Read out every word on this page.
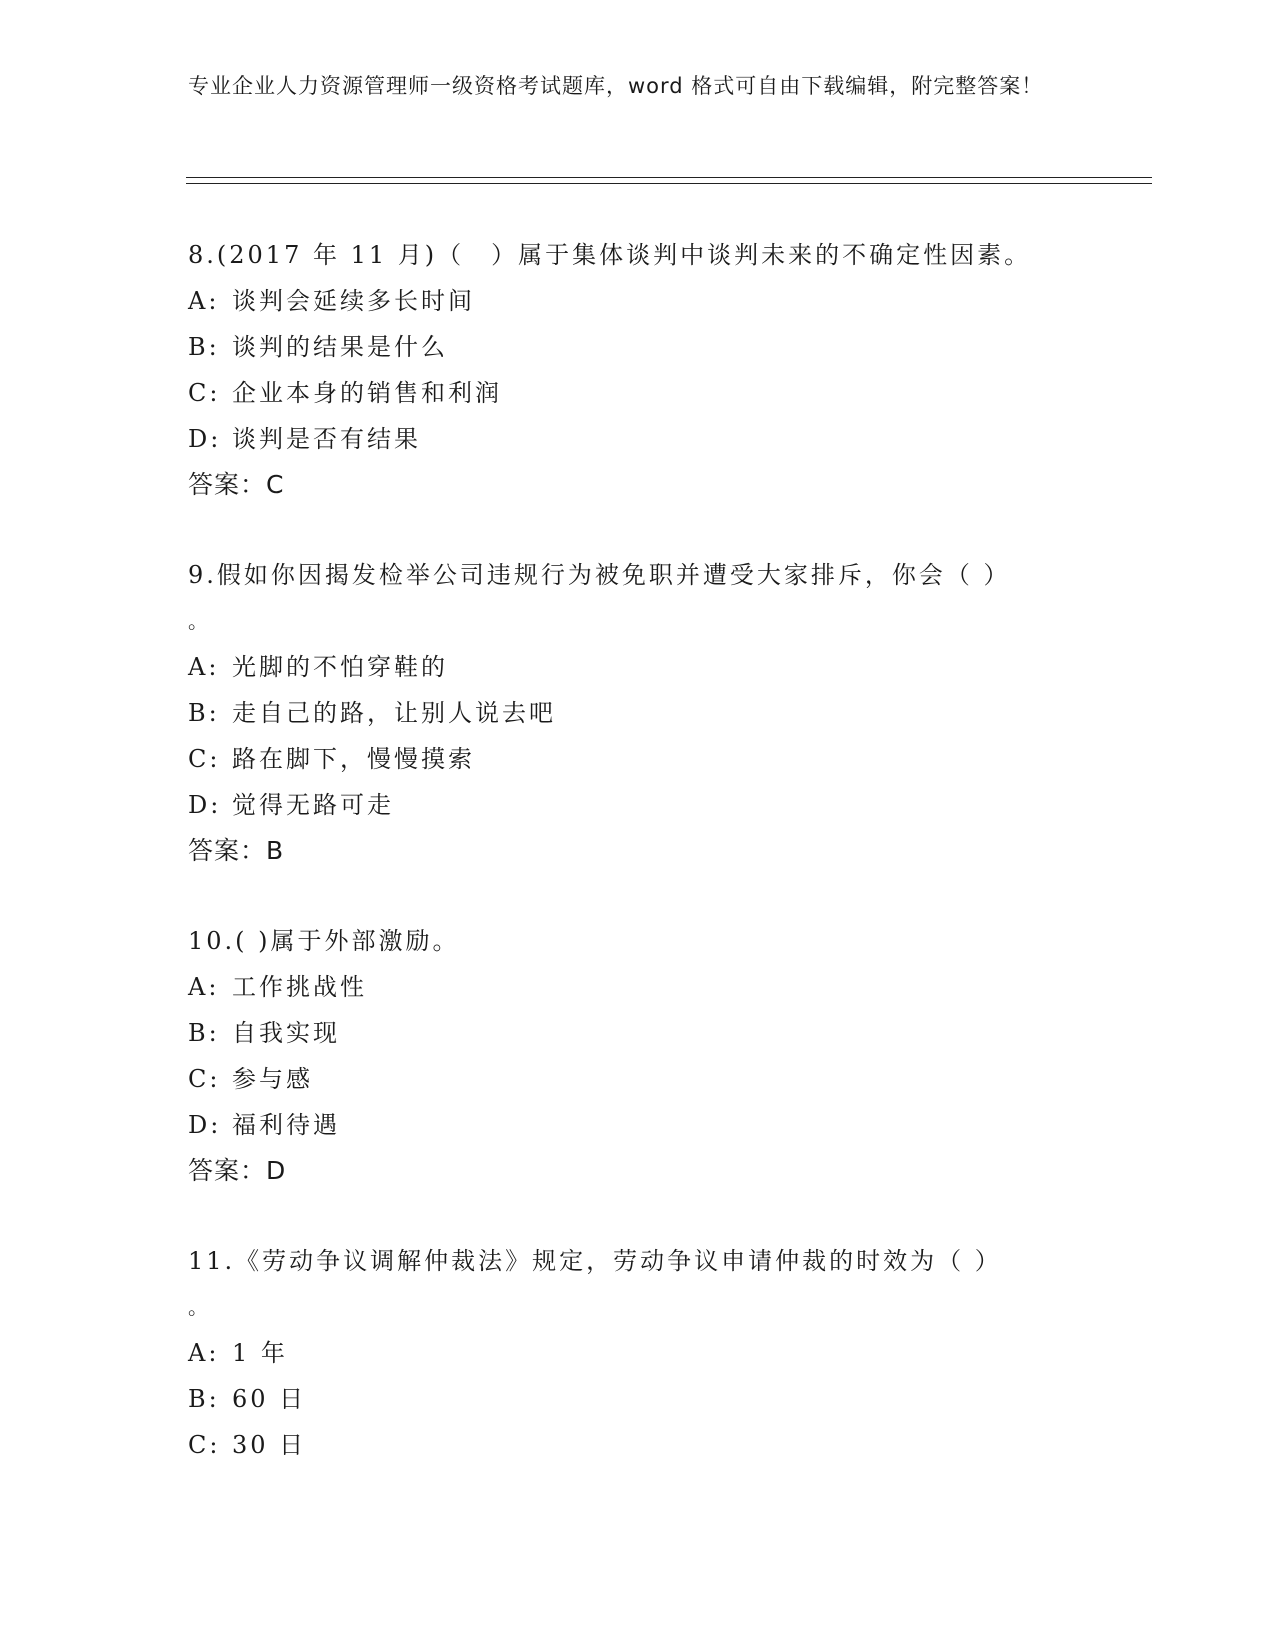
专业企业人力资源管理师一级资格考试题库，word 格式可自由下载编辑，附完整答案！
8.(2017 年 11 月)（　）属于集体谈判中谈判未来的不确定性因素。
A: 谈判会延续多长时间
B: 谈判的结果是什么
C: 企业本身的销售和利润
D: 谈判是否有结果
答案：C
9.假如你因揭发检举公司违规行为被免职并遭受大家排斥，你会（ ）
。
A: 光脚的不怕穿鞋的
B: 走自己的路，让别人说去吧
C: 路在脚下，慢慢摸索
D: 觉得无路可走
答案：B
10.( )属于外部激励。
A: 工作挑战性
B: 自我实现
C: 参与感
D: 福利待遇
答案：D
11.《劳动争议调解仲裁法》规定，劳动争议申请仲裁的时效为（ ）
。
A: 1 年
B: 60 日
C: 30 日
